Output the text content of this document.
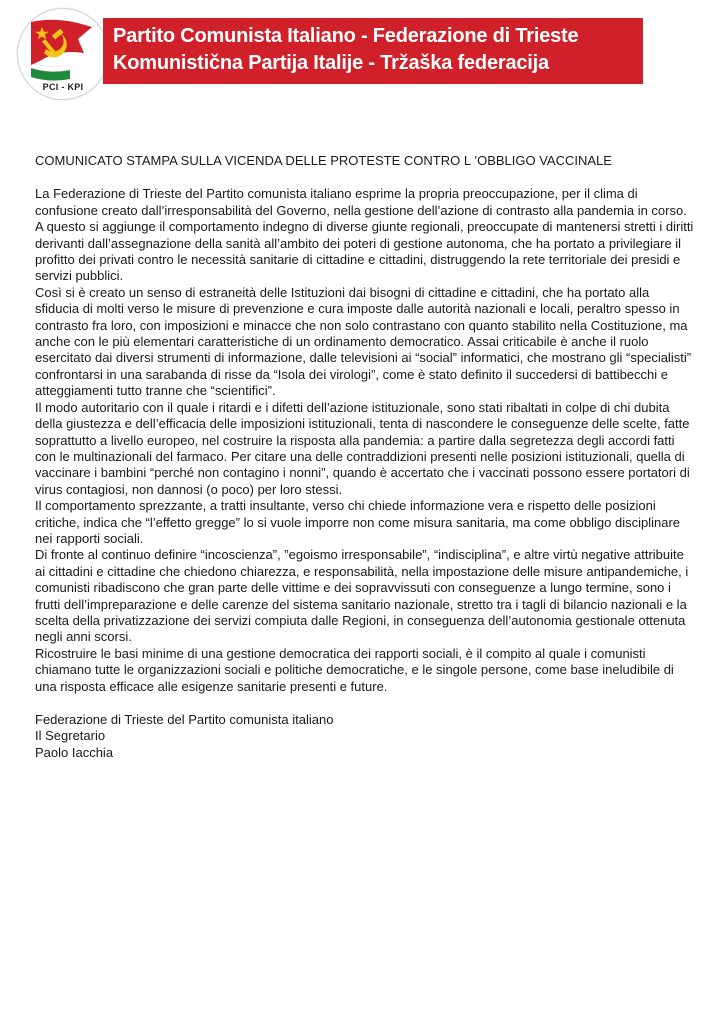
PCI - KPI
Partito Comunista Italiano - Federazione di Trieste
Komunistična Partija Italije - Tržaška federacija
COMUNICATO STAMPA SULLA VICENDA DELLE PROTESTE CONTRO L ’OBBLIGO VACCINALE

La Federazione di Trieste del Partito comunista italiano esprime la propria preoccupazione, per il clima di confusione creato dall’irresponsabilità del Governo, nella gestione dell’azione di contrasto alla pandemia in corso. A questo si aggiunge il comportamento indegno di diverse giunte regionali, preoccupate di mantenersi stretti i diritti derivanti dall’assegnazione della sanità all’ambito dei poteri di gestione autonoma, che ha portato a privilegiare il profitto dei privati contro le necessità sanitarie di cittadine e cittadini, distruggendo la rete territoriale dei presidi e servizi pubblici.

Così si è creato un senso di estraneità delle Istituzioni dai bisogni di cittadine e cittadini, che ha portato alla sfiducia di molti verso le misure di prevenzione e cura imposte dalle autorità nazionali e locali, peraltro spesso in contrasto fra loro, con imposizioni e minacce che non solo contrastano con quanto stabilito nella Costituzione, ma anche con le più elementari caratteristiche di un ordinamento democratico. Assai criticabile è anche il ruolo esercitato dai diversi strumenti di informazione, dalle televisioni ai “social” informatici, che mostrano gli “specialisti” confrontarsi in una sarabanda di risse da “Isola dei virologi”, come è stato definito il succedersi di battibecchi e atteggiamenti tutto tranne che “scientifici”.

Il modo autoritario con il quale i ritardi e i difetti dell’azione istituzionale, sono stati ribaltati in colpe di chi dubita della giustezza e dell’efficacia delle imposizioni istituzionali, tenta di nascondere le conseguenze delle scelte, fatte soprattutto a livello europeo, nel costruire la risposta alla pandemia: a partire dalla segretezza degli accordi fatti con le multinazionali del farmaco. Per citare una delle contraddizioni presenti nelle posizioni istituzionali, quella di vaccinare i bambini “perché non contagino i nonni”, quando è accertato che i vaccinati possono essere portatori di virus contagiosi, non dannosi (o poco) per loro stessi.

Il comportamento sprezzante, a tratti insultante, verso chi chiede informazione vera e rispetto delle posizioni critiche, indica che “l’effetto gregge” lo si vuole imporre non come misura sanitaria, ma come obbligo disciplinare nei rapporti sociali.

Di fronte al continuo definire “incoscienza”, ”egoismo irresponsabile”, “indisciplina”, e altre virtù negative attribuite ai cittadini e cittadine che chiedono chiarezza, e responsabilità, nella impostazione delle misure antipandemiche, i comunisti ribadiscono che gran parte delle vittime e dei sopravvissuti con conseguenze a lungo termine, sono i frutti dell’impreparazione e delle carenze del sistema sanitario nazionale, stretto tra i tagli di bilancio nazionali e la scelta della privatizzazione dei servizi compiuta dalle Regioni, in conseguenza dell’autonomia gestionale ottenuta negli anni scorsi.

Ricostruire le basi minime di una gestione democratica dei rapporti sociali, è il compito al quale i comunisti chiamano tutte le organizzazioni sociali e politiche democratiche, e le singole persone, come base ineludibile di una risposta efficace alle esigenze sanitarie presenti e future.

Federazione di Trieste del Partito comunista italiano
Il Segretario
Paolo Iacchia
